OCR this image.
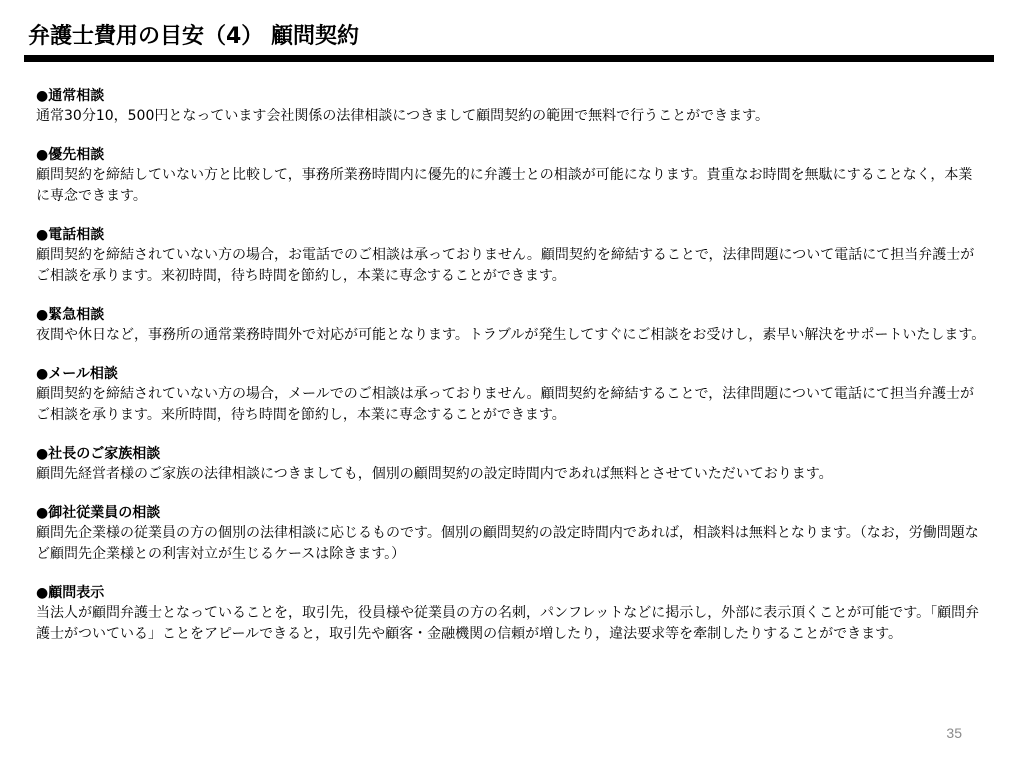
弁護士費用の目安（4） 顧問契約
●通常相談

通常30分10，500円となっています会社関係の法律相談につきまして顧問契約の範囲で無料で行うことができます。

●優先相談

顧問契約を締結していない方と比較して，事務所業務時間内に優先的に弁護士との相談が可能になります。貴重なお時間を無駄にすることなく，本業に専念できます。

●電話相談

顧問契約を締結されていない方の場合，お電話でのご相談は承っておりません。顧問契約を締結することで，法律問題について電話にて担当弁護士がご相談を承ります。来初時間，待ち時間を節約し，本業に専念することができます。

●緊急相談

夜間や休日など，事務所の通常業務時間外で対応が可能となります。トラブルが発生してすぐにご相談をお受けし，素早い解決をサポートいたします。

●メール相談

顧問契約を締結されていない方の場合，メールでのご相談は承っておりません。顧問契約を締結することで，法律問題について電話にて担当弁護士がご相談を承ります。来所時間，待ち時間を節約し，本業に専念することができます。

●社長のご家族相談

顧問先経営者様のご家族の法律相談につきましても，個別の顧問契約の設定時間内であれば無料とさせていただいております。

●御社従業員の相談

顧問先企業様の従業員の方の個別の法律相談に応じるものです。個別の顧問契約の設定時間内であれば，相談料は無料となります。（なお，労働問題など顧問先企業様との利害対立が生じるケースは除きます。）

●顧問表示

当法人が顧問弁護士となっていることを，取引先，役員様や従業員の方の名刺，パンフレットなどに掲示し，外部に表示頂くことが可能です。「顧問弁護士がついている」ことをアピールできると，取引先や顧客・金融機関の信頼が増したり，違法要求等を牽制したりすることができます。

35
